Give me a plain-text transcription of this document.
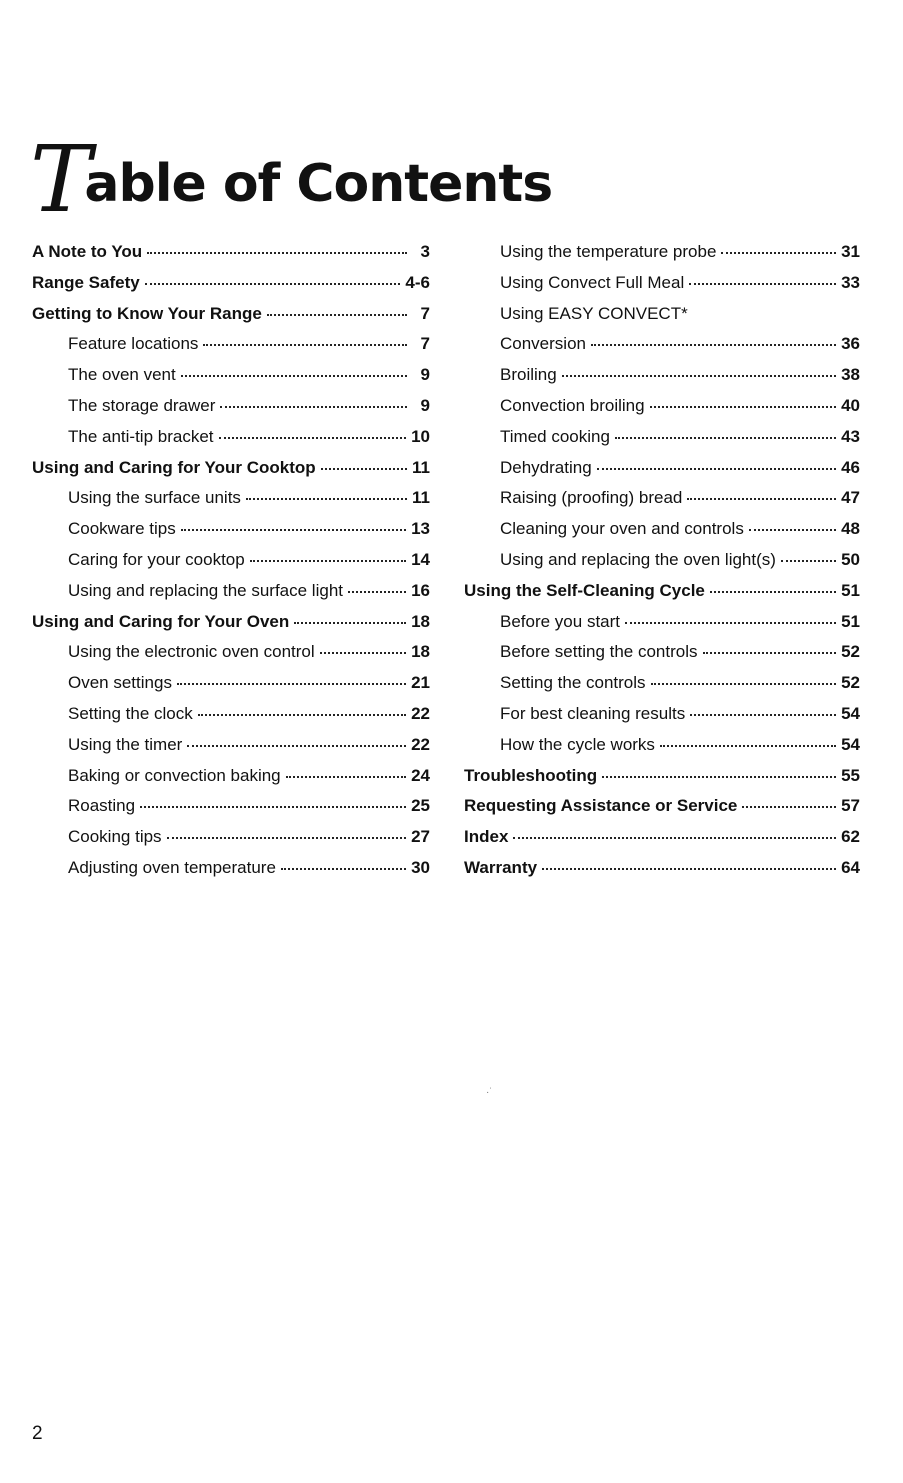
T
able of Contents
A Note to You	3
Range Safety	4-6
Getting to Know Your Range	7
Feature locations	7
The oven vent	9
The storage drawer	9
The anti-tip bracket	10
Using and Caring for Your Cooktop	11
Using the surface units	11
Cookware tips	13
Caring for your cooktop	14
Using and replacing the surface light	16
Using and Caring for Your Oven	18
Using the electronic oven control	18
Oven settings	21
Setting the clock	22
Using the timer	22
Baking or convection baking	24
Roasting	25
Cooking tips	27
Adjusting oven temperature	30
Using the temperature probe	31
Using Convect Full Meal	33
Using EASY CONVECT*
Conversion	36
Broiling	38
Convection broiling	40
Timed cooking	43
Dehydrating	46
Raising (proofing) bread	47
Cleaning your oven and controls	48
Using and replacing the oven light(s)	50
Using the Self-Cleaning Cycle	51
Before you start	51
Before setting the controls	52
Setting the controls	52
For best cleaning results	54
How the cycle works	54
Troubleshooting	55
Requesting Assistance or Service	57
Index	62
Warranty	64
·˙
2
